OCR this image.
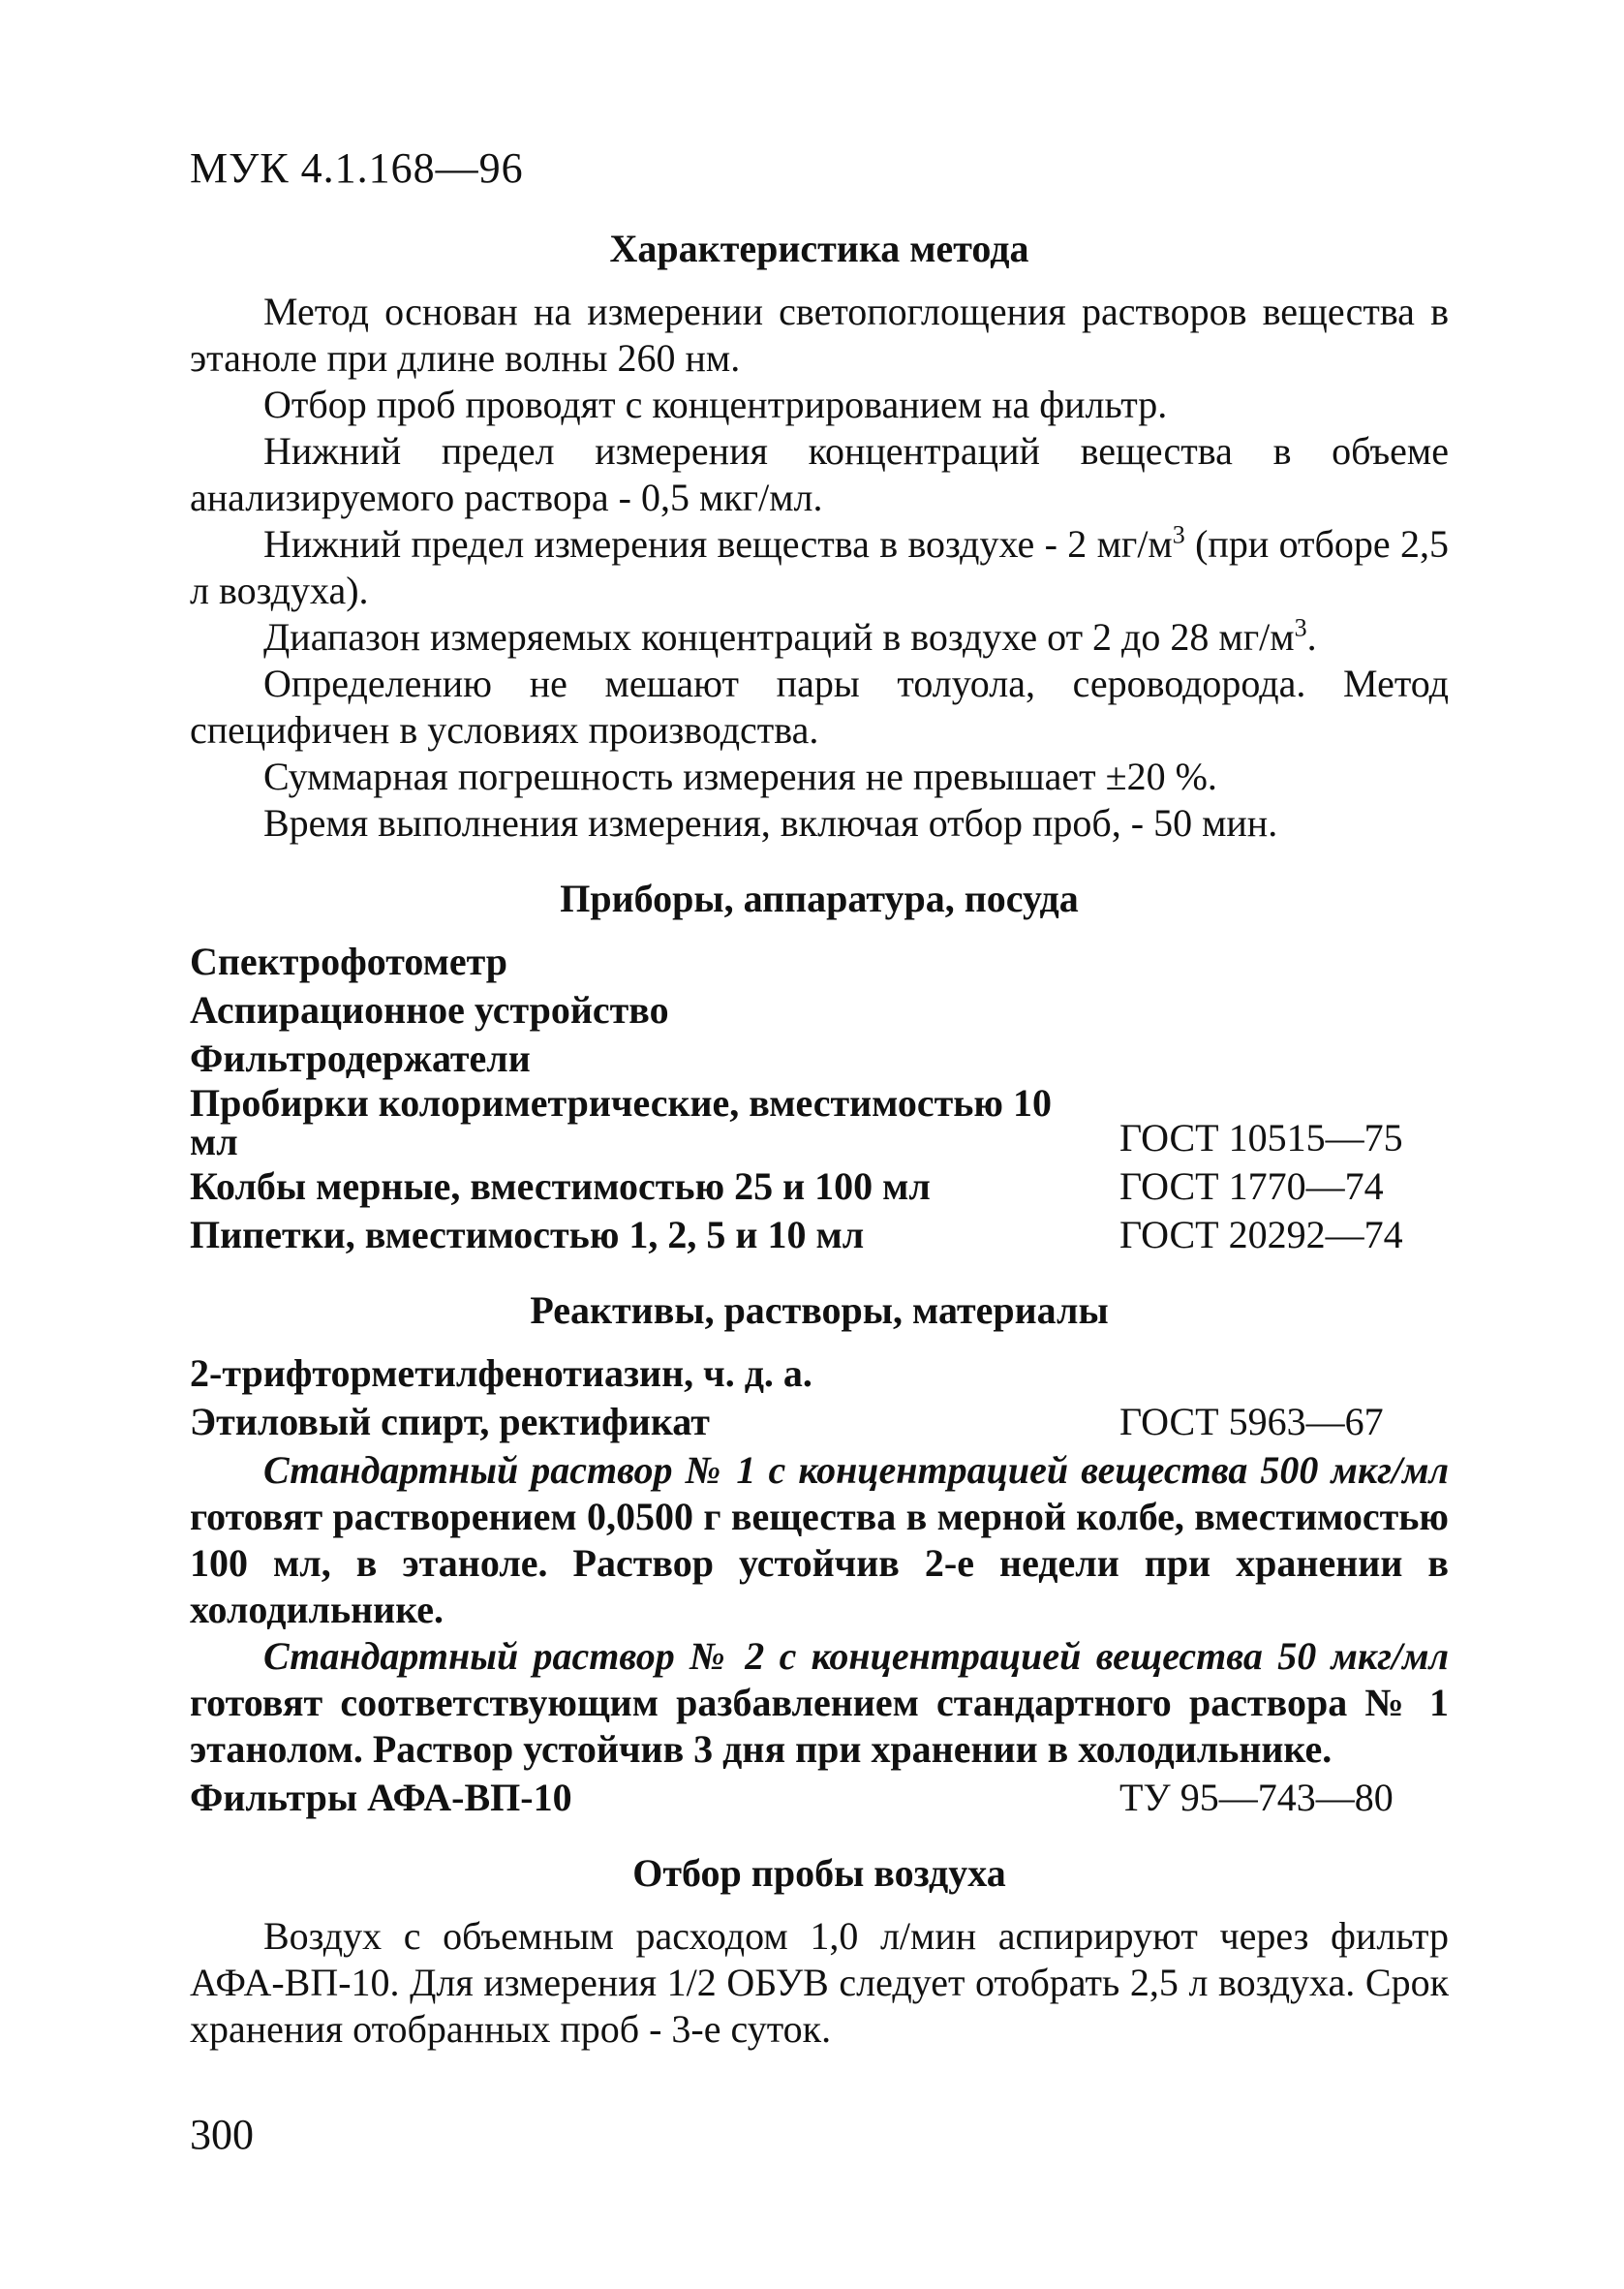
МУК 4.1.168—96
Характеристика метода

Метод основан на измерении светопоглощения растворов вещества в этаноле при длине волны 260 нм.

Отбор проб проводят с концентрированием на фильтр.

Нижний предел измерения концентраций вещества в объеме анализируемого раствора - 0,5 мкг/мл.

Нижний предел измерения вещества в воздухе - 2 $мг/м^3$ (при отборе 2,5 л воздуха).

Диапазон измеряемых концентраций в воздухе от 2 до 28 $мг/м^3$.

Определению не мешают пары толуола, сероводорода. Метод специфичен в условиях производства.

Суммарная погрешность измерения не превышает ±20 %.

Время выполнения измерения, включая отбор проб, - 50 мин.

Приборы, аппаратура, посуда
Спектрофотометр
Аспирационное устройство
Фильтродержатели
Пробирки колориметрические, вместимостью 10 мл	ГОСТ 10515—75
Колбы мерные, вместимостью 25 и 100 мл	ГОСТ 1770—74
Пипетки, вместимостью 1, 2, 5 и 10 мл	ГОСТ 20292—74
Реактивы, растворы, материалы
2-трифторметилфенотиазин, ч. д. а.
Этиловый спирт, ректификат	ГОСТ 5963—67

Стандартный раствор № 1 с концентрацией вещества 500 мкг/мл готовят растворением 0,0500 г вещества в мерной колбе, вместимостью 100 мл, в этаноле. Раствор устойчив 2-е недели при хранении в холодильнике.

Стандартный раствор № 2 с концентрацией вещества 50 мкг/мл готовят соответствующим разбавлением стандартного раствора № 1 этанолом. Раствор устойчив 3 дня при хранении в холодильнике.

Фильтры АФА-ВП-10	ТУ 95—743—80
Отбор пробы воздуха

Воздух с объемным расходом 1,0 л/мин аспирируют через фильтр АФА-ВП-10. Для измерения 1/2 ОБУВ следует отобрать 2,5 л воздуха. Срок хранения отобранных проб - 3-е суток.

300
